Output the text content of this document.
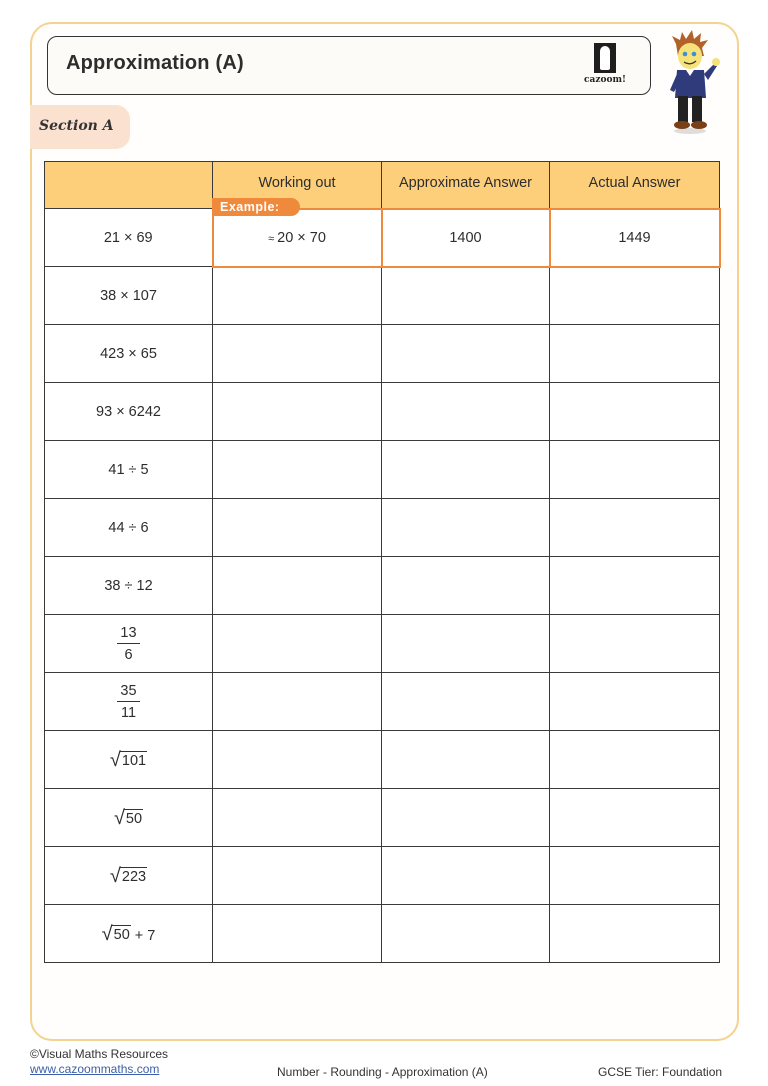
Approximation (A)
cazoom!
Section A
Example:
	Working out	Approximate Answer	Actual Answer
21 × 69	≈ 20 × 70	1400	1449
38 × 107			
423 × 65			
93 × 6242			
41 ÷ 5			
44 ÷ 6			
38 ÷ 12			

$\frac{13}{6}$

$\frac{35}{11}$

√ 101			

√ 50			

√ 223			

√ 50 + 7			
©Visual Maths Resources
www.cazoommaths.com	Number - Rounding - Approximation (A)	GCSE Tier: Foundation
